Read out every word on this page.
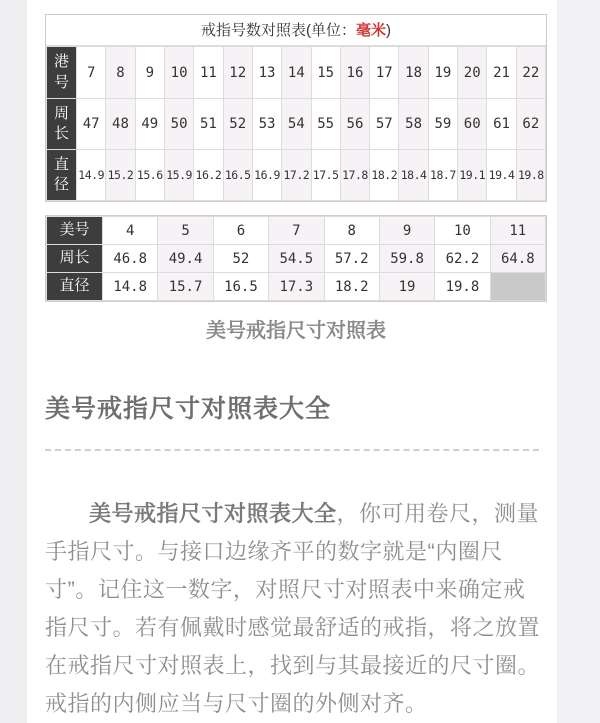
戒指号数对照表(单位：毫米)
港号	7	8	9	10	11	12	13	14	15	16	17	18	19	20	21	22
周长	47	48	49	50	51	52	53	54	55	56	57	58	59	60	61	62
直径	14.9	15.2	15.6	15.9	16.2	16.5	16.9	17.2	17.5	17.8	18.2	18.4	18.7	19.1	19.4	19.8
美号	4	5	6	7	8	9	10	11
周长	46.8	49.4	52	54.5	57.2	59.8	62.2	64.8
直径	14.8	15.7	16.5	17.3	18.2	19	19.8	
美号戒指尺寸对照表
美号戒指尺寸对照表大全

美号戒指尺寸对照表大全，你可用卷尺，测量手指尺寸。与接口边缘齐平的数字就是“内圈尺寸”。记住这一数字，对照尺寸对照表中来确定戒指尺寸。若有佩戴时感觉最舒适的戒指，将之放置在戒指尺寸对照表上，找到与其最接近的尺寸圈。戒指的内侧应当与尺寸圈的外侧对齐。
